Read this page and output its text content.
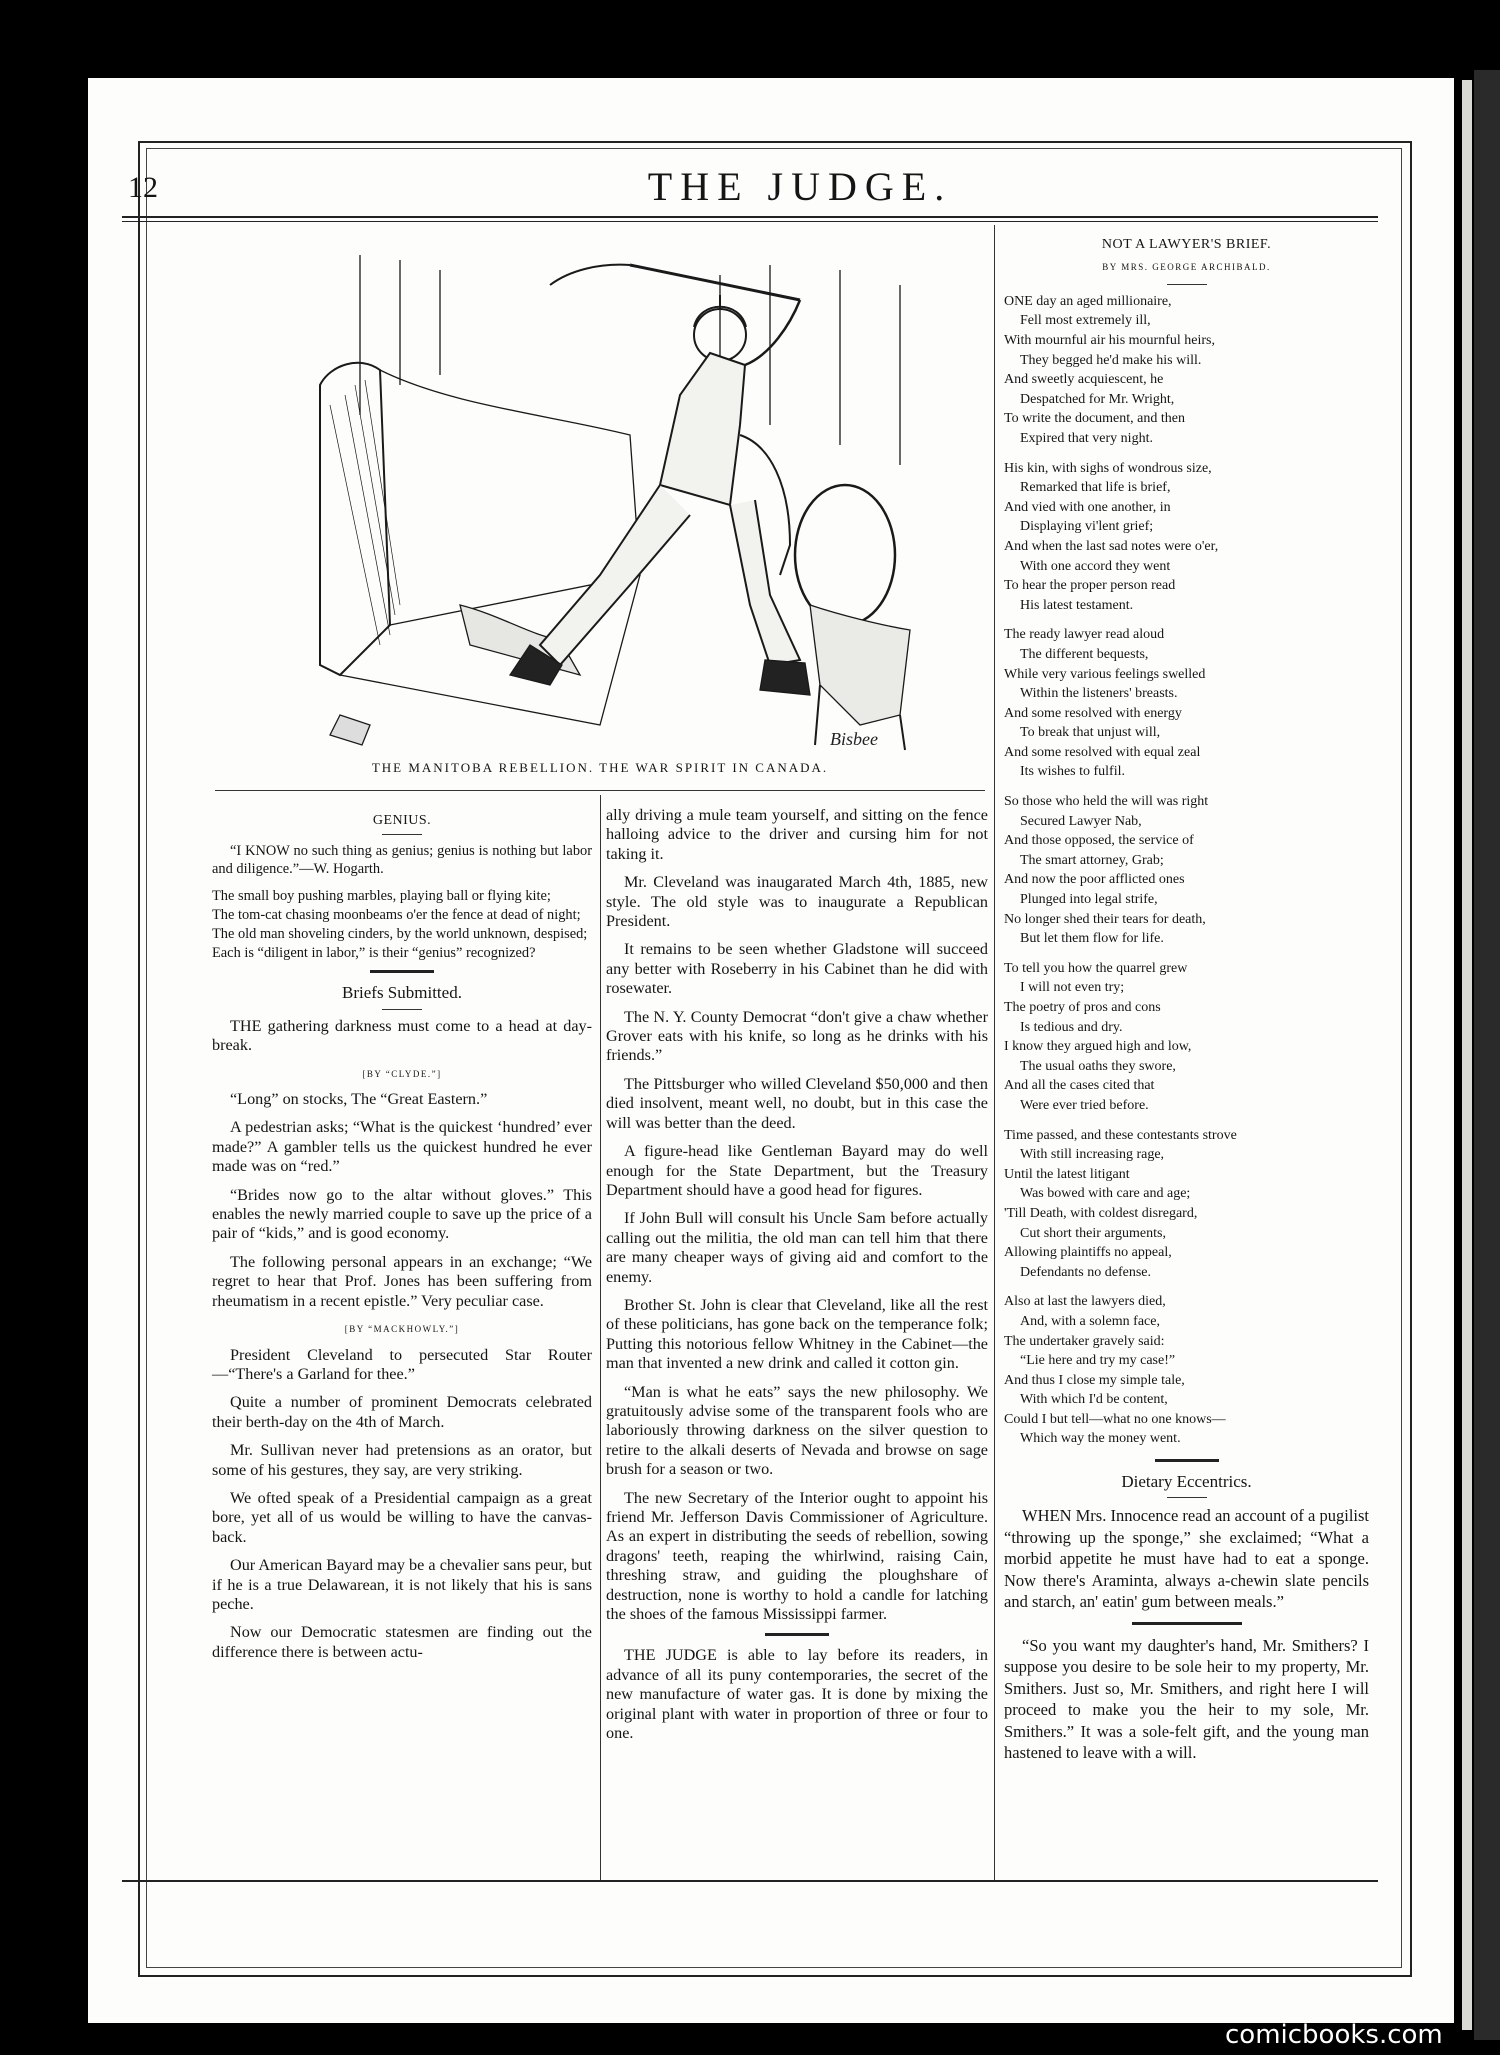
12	THE JUDGE.
Bisbee
THE MANITOBA REBELLION. THE WAR SPIRIT IN CANADA.
GENIUS.

“I KNOW no such thing as genius; genius is nothing but labor and diligence.”—W. Hogarth.

The small boy pushing marbles, playing ball or flying kite;
The tom-cat chasing moonbeams o'er the fence at dead of night;
The old man shoveling cinders, by the world unknown, despised;
Each is “diligent in labor,” is their “genius” recognized?
Briefs Submitted.

THE gathering darkness must come to a head at day-break.

[BY “CLYDE.”]

“Long” on stocks, The “Great Eastern.”

A pedestrian asks; “What is the quickest ‘hundred’ ever made?” A gambler tells us the quickest hundred he ever made was on “red.”

“Brides now go to the altar without gloves.” This enables the newly married couple to save up the price of a pair of “kids,” and is good economy.

The following personal appears in an exchange; “We regret to hear that Prof. Jones has been suffering from rheumatism in a recent epistle.” Very peculiar case.

[BY “MACKHOWLY.”]

President Cleveland to persecuted Star Router—“There's a Garland for thee.”

Quite a number of prominent Democrats celebrated their berth-day on the 4th of March.

Mr. Sullivan never had pretensions as an orator, but some of his gestures, they say, are very striking.

We ofted speak of a Presidential campaign as a great bore, yet all of us would be willing to have the canvas-back.

Our American Bayard may be a chevalier sans peur, but if he is a true Delawarean, it is not likely that his is sans peche.

Now our Democratic statesmen are finding out the difference there is between actu-

ally driving a mule team yourself, and sitting on the fence halloing advice to the driver and cursing him for not taking it.

Mr. Cleveland was inaugarated March 4th, 1885, new style. The old style was to inaugurate a Republican President.

It remains to be seen whether Gladstone will succeed any better with Roseberry in his Cabinet than he did with rosewater.

The N. Y. County Democrat “don't give a chaw whether Grover eats with his knife, so long as he drinks with his friends.”

The Pittsburger who willed Cleveland $50,000 and then died insolvent, meant well, no doubt, but in this case the will was better than the deed.

A figure-head like Gentleman Bayard may do well enough for the State Department, but the Treasury Department should have a good head for figures.

If John Bull will consult his Uncle Sam before actually calling out the militia, the old man can tell him that there are many cheaper ways of giving aid and comfort to the enemy.

Brother St. John is clear that Cleveland, like all the rest of these politicians, has gone back on the temperance folk; Putting this notorious fellow Whitney in the Cabinet—the man that invented a new drink and called it cotton gin.

“Man is what he eats” says the new philosophy. We gratuitously advise some of the transparent fools who are laboriously throwing darkness on the silver question to retire to the alkali deserts of Nevada and browse on sage brush for a season or two.

The new Secretary of the Interior ought to appoint his friend Mr. Jefferson Davis Commissioner of Agriculture. As an expert in distributing the seeds of rebellion, sowing dragons' teeth, reaping the whirlwind, raising Cain, threshing straw, and guiding the ploughshare of destruction, none is worthy to hold a candle for latching the shoes of the famous Mississippi farmer.

THE JUDGE is able to lay before its readers, in advance of all its puny contemporaries, the secret of the new manufacture of water gas. It is done by mixing the original plant with water in proportion of three or four to one.

NOT A LAWYER'S BRIEF.
BY MRS. GEORGE ARCHIBALD.
ONE day an aged millionaire,
Fell most extremely ill,
With mournful air his mournful heirs,
They begged he'd make his will.
And sweetly acquiescent, he
Despatched for Mr. Wright,
To write the document, and then
Expired that very night.
His kin, with sighs of wondrous size,
Remarked that life is brief,
And vied with one another, in
Displaying vi'lent grief;
And when the last sad notes were o'er,
With one accord they went
To hear the proper person read
His latest testament.
The ready lawyer read aloud
The different bequests,
While very various feelings swelled
Within the listeners' breasts.
And some resolved with energy
To break that unjust will,
And some resolved with equal zeal
Its wishes to fulfil.
So those who held the will was right
Secured Lawyer Nab,
And those opposed, the service of
The smart attorney, Grab;
And now the poor afflicted ones
Plunged into legal strife,
No longer shed their tears for death,
But let them flow for life.
To tell you how the quarrel grew
I will not even try;
The poetry of pros and cons
Is tedious and dry.
I know they argued high and low,
The usual oaths they swore,
And all the cases cited that
Were ever tried before.
Time passed, and these contestants strove
With still increasing rage,
Until the latest litigant
Was bowed with care and age;
'Till Death, with coldest disregard,
Cut short their arguments,
Allowing plaintiffs no appeal,
Defendants no defense.
Also at last the lawyers died,
And, with a solemn face,
The undertaker gravely said:
“Lie here and try my case!”
And thus I close my simple tale,
With which I'd be content,
Could I but tell—what no one knows—
Which way the money went.
Dietary Eccentrics.

WHEN Mrs. Innocence read an account of a pugilist “throwing up the sponge,” she exclaimed; “What a morbid appetite he must have had to eat a sponge. Now there's Araminta, always a-chewin slate pencils and starch, an' eatin' gum between meals.”

“So you want my daughter's hand, Mr. Smithers? I suppose you desire to be sole heir to my property, Mr. Smithers. Just so, Mr. Smithers, and right here I will proceed to make you the heir to my sole, Mr. Smithers.” It was a sole-felt gift, and the young man hastened to leave with a will.

comicbooks.com
